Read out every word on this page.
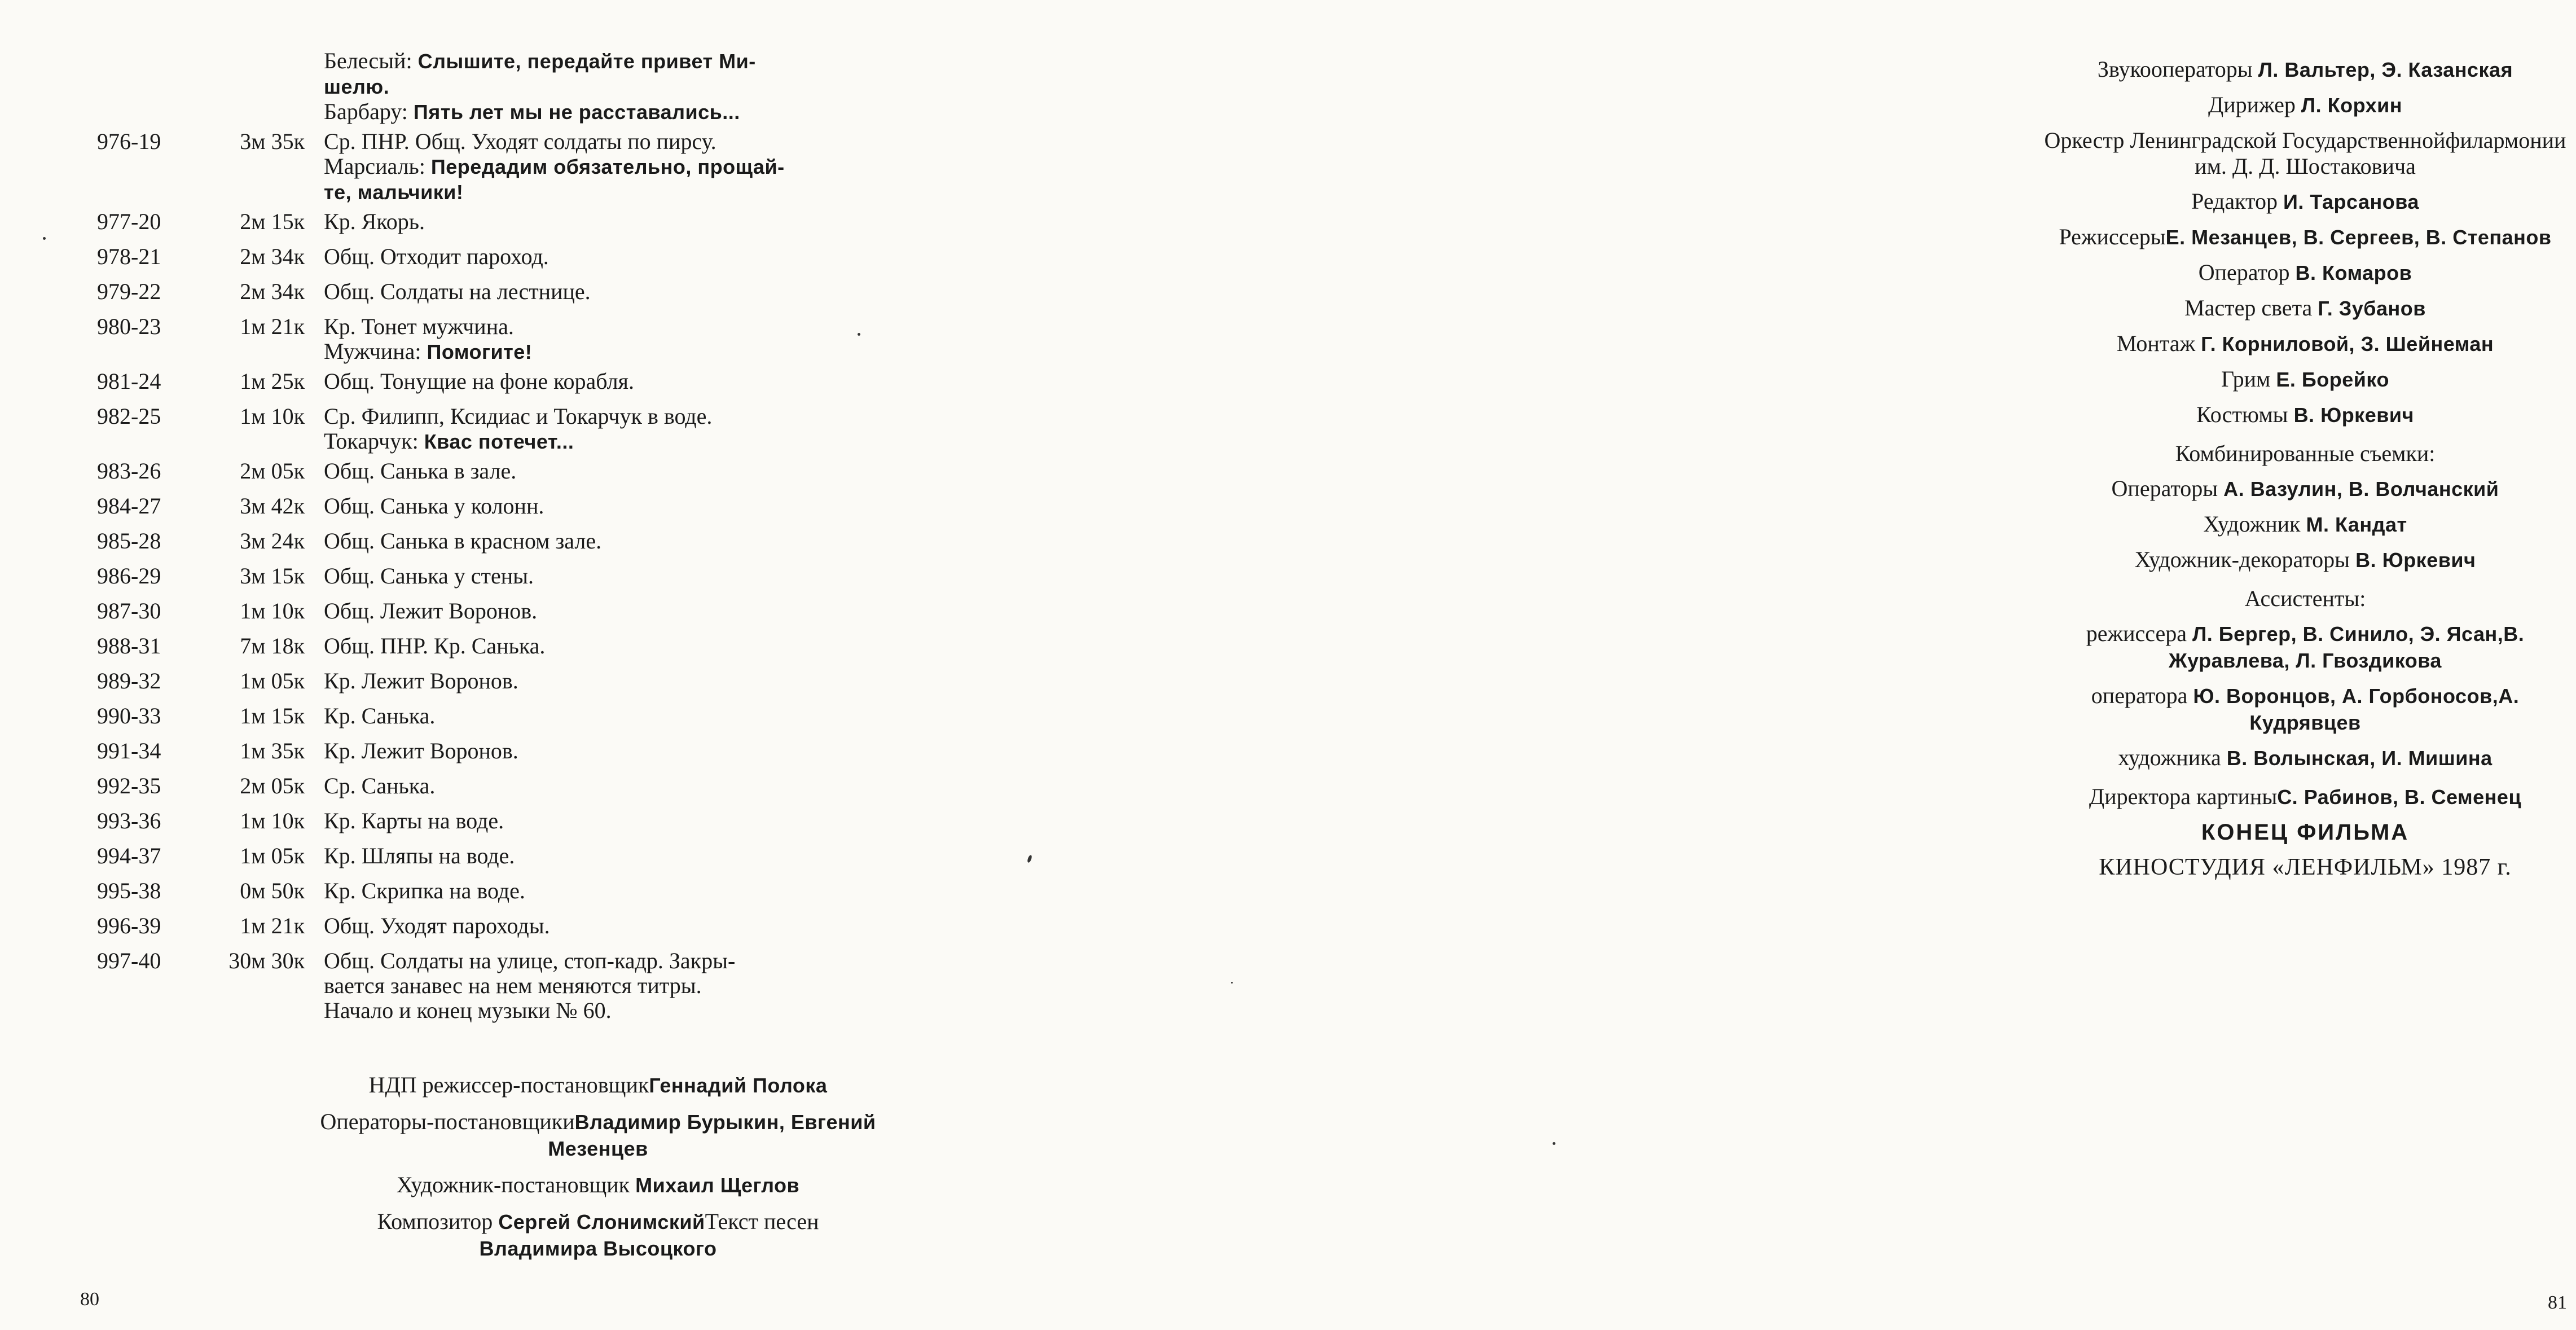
Белесый: Слышите, передайте привет Ми-
шелю.
Барбару: Пять лет мы не расставались...
976-19	3м 35к Ср. ПНР. Общ. Уходят солдаты по пирсу.
Марсиаль: Передадим обязательно, прощай-
те, мальчики!
977-20	2м 15к Кр. Якорь.
978-21	2м 34к Общ. Отходит пароход.
979-22	2м 34к Общ. Солдаты на лестнице.
980-23	1м 21к Кр. Тонет мужчина.
Мужчина: Помогите!
981-24	1м 25к Общ. Тонущие на фоне корабля.
982-25	1м 10к Ср. Филипп, Ксидиас и Токарчук в воде.
Токарчук: Квас потечет...
983-26	2м 05к Общ. Санька в зале.
984-27	3м 42к Общ. Санька у колонн.
985-28	3м 24к Общ. Санька в красном зале.
986-29	3м 15к Общ. Санька у стены.
987-30	1м 10к Общ. Лежит Воронов.
988-31	7м 18к Общ. ПНР. Кр. Санька.
989-32	1м 05к Кр. Лежит Воронов.
990-33	1м 15к Кр. Санька.
991-34	1м 35к Кр. Лежит Воронов.
992-35	2м 05к Ср. Санька.
993-36	1м 10к Кр. Карты на воде.
994-37	1м 05к Кр. Шляпы на воде.
995-38	0м 50к Кр. Скрипка на воде.
996-39	1м 21к Общ. Уходят пароходы.
997-40	30м 30к Общ. Солдаты на улице, стоп-кадр. Закры-
вается занавес на нем меняются титры.
Начало и конец музыки № 60.
НДП режиссер-постановщикГеннадий Полока
Операторы-постановщикиВладимир Бурыкин, Евгений Мезенцев
Художник-постановщик Михаил Щеглов
Композитор Сергей СлонимскийТекст песен Владимира Высоцкого
80
Звукооператоры Л. Вальтер, Э. Казанская
Дирижер Л. Корхин
Оркестр Ленинградской Государственнойфилармонии им. Д. Д. Шостаковича
Редактор И. Тарсанова
РежиссерыЕ. Мезанцев, В. Сергеев, В. Степанов
Оператор В. Комаров
Мастер света Г. Зубанов
Монтаж Г. Корниловой, З. Шейнеман
Грим Е. Борейко
Костюмы В. Юркевич
Комбинированные съемки:
Операторы А. Вазулин, В. Волчанский
Художник М. Кандат
Художник-декораторы В. Юркевич
Ассистенты:
режиссера Л. Бергер, В. Синило, Э. Ясан,В. Журавлева, Л. Гвоздикова
оператора Ю. Воронцов, А. Горбоносов,А. Кудрявцев
художника В. Волынская, И. Мишина
Директора картиныС. Рабинов, В. Семенец
КОНЕЦ ФИЛЬМА
КИНОСТУДИЯ «ЛЕНФИЛЬМ» 1987 г.
81
